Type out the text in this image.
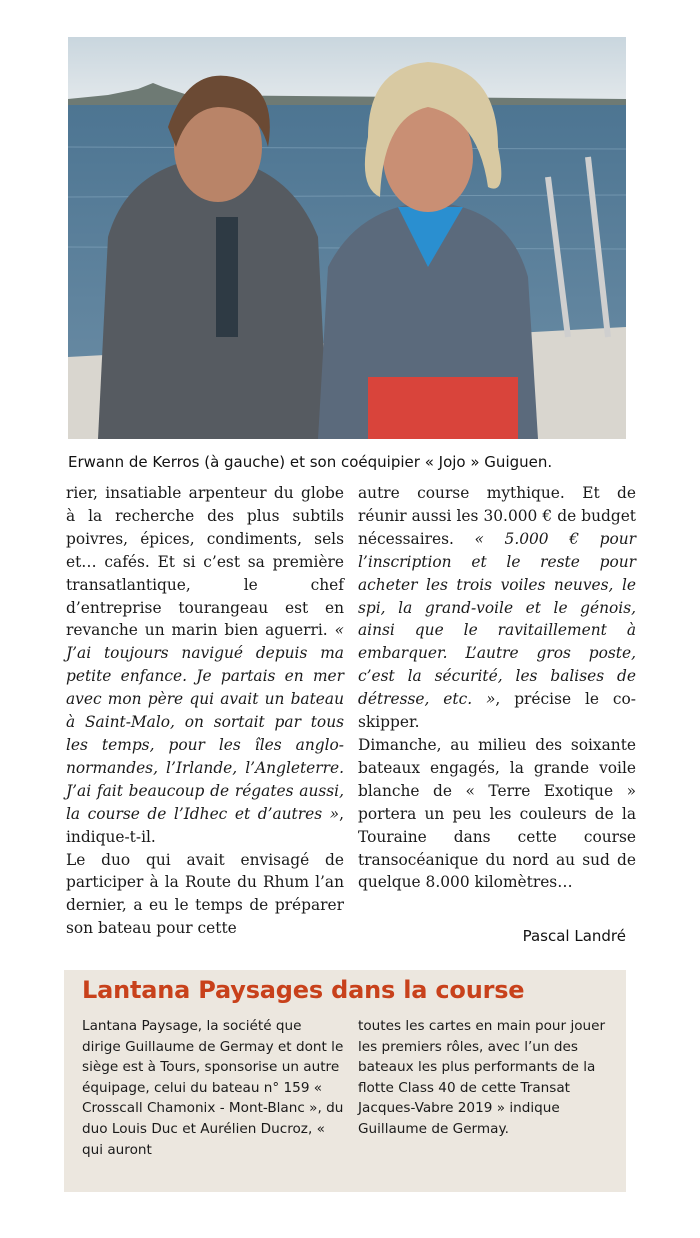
Erwann de Kerros (à gauche) et son coéquipier « Jojo » Guiguen.

rier, insatiable arpenteur du globe à la recherche des plus subtils poivres, épices, condiments, sels et… cafés. Et si c’est sa première transatlantique, le chef d’entreprise tourangeau est en revanche un marin bien aguerri. « J’ai toujours navigué depuis ma petite enfance. Je partais en mer avec mon père qui avait un bateau à Saint-Malo, on sortait par tous les temps, pour les îles anglo-normandes, l’Irlande, l’Angleterre. J’ai fait beaucoup de régates aussi, la course de l’Idhec et d’autres », indique-t-il.

Le duo qui avait envisagé de participer à la Route du Rhum l’an dernier, a eu le temps de préparer son bateau pour cette

autre course mythique. Et de réunir aussi les 30.000 € de budget nécessaires. « 5.000 € pour l’inscription et le reste pour acheter les trois voiles neuves, le spi, la grand-voile et le génois, ainsi que le ravitaillement à embarquer. L’autre gros poste, c’est la sécurité, les balises de détresse, etc. », précise le co-skipper.

Dimanche, au milieu des soixante bateaux engagés, la grande voile blanche de « Terre Exotique » portera un peu les couleurs de la Touraine dans cette course transocéanique du nord au sud de quelque 8.000 kilomètres…

Pascal Landré
Lantana Paysages dans la course

Lantana Paysage, la société que dirige Guillaume de Germay et dont le siège est à Tours, sponsorise un autre équipage, celui du bateau n° 159 « Crosscall Chamonix - Mont-Blanc », du duo Louis Duc et Aurélien Ducroz, « qui auront

toutes les cartes en main pour jouer les premiers rôles, avec l’un des bateaux les plus performants de la flotte Class 40 de cette Transat Jacques-Vabre 2019 » indique Guillaume de Germay.
